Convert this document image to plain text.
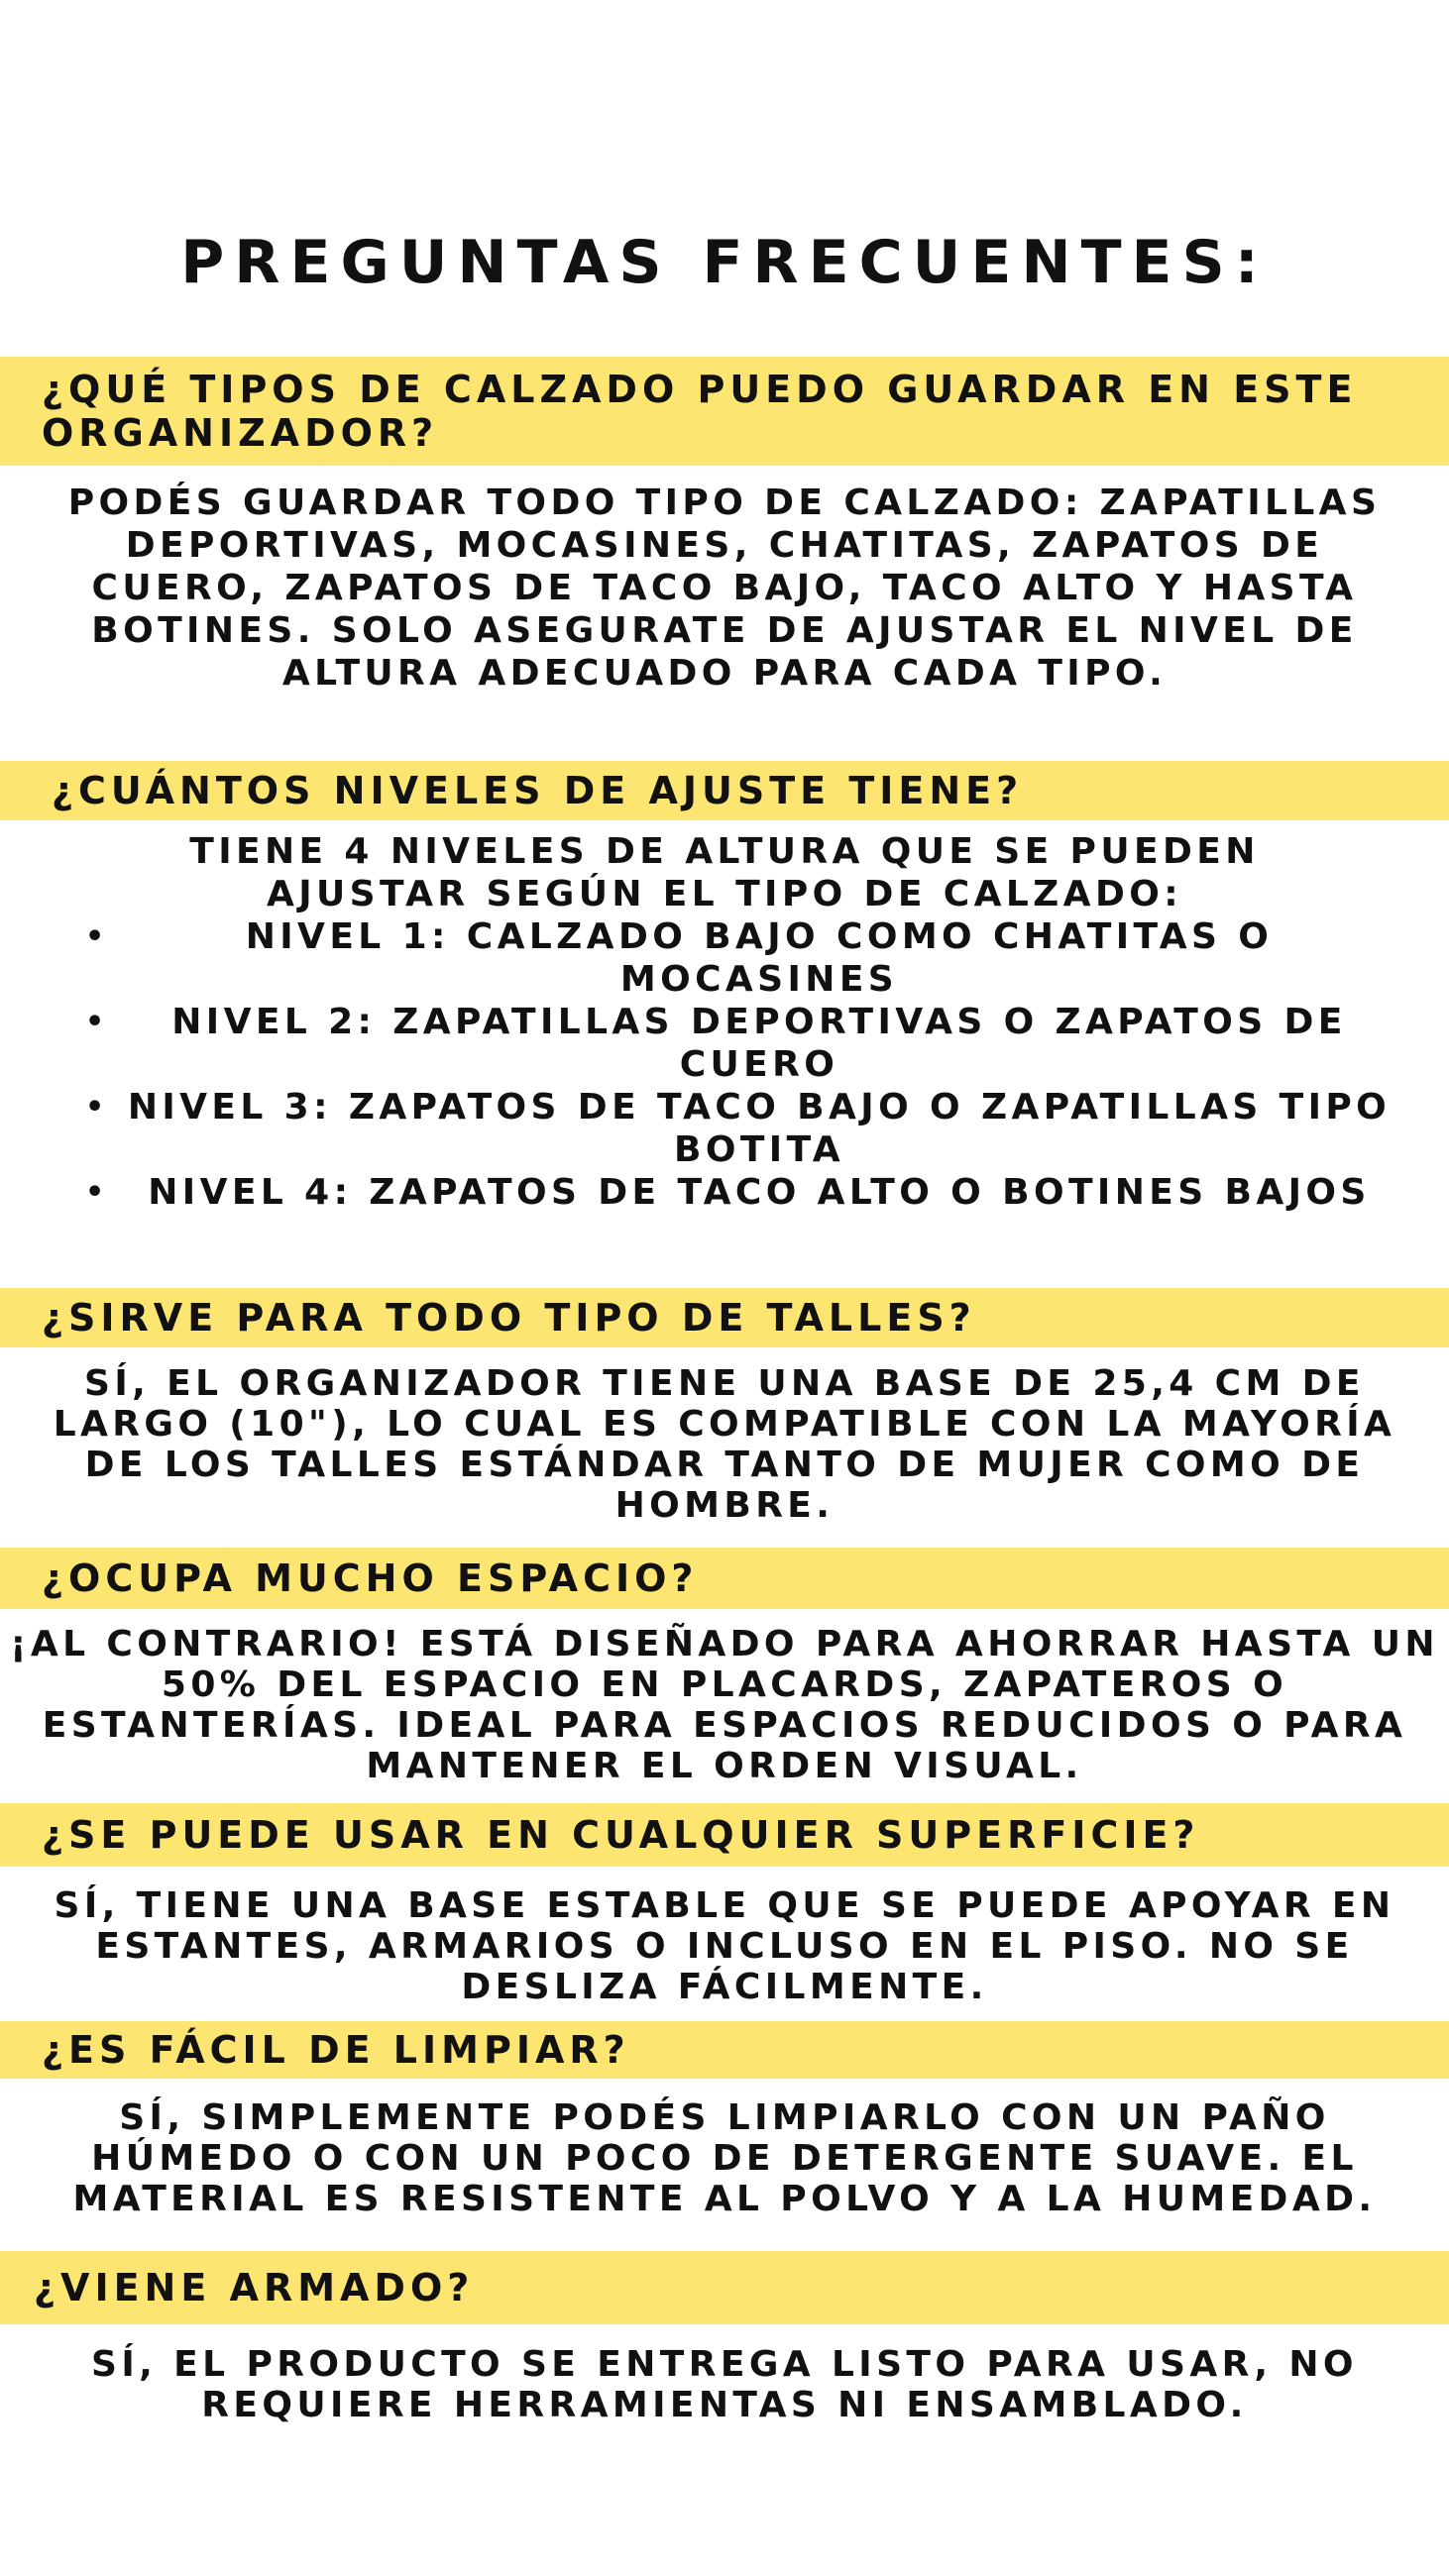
PREGUNTAS FRECUENTES:

¿QUÉ TIPOS DE CALZADO PUEDO GUARDAR EN ESTE ORGANIZADOR?

PODÉS GUARDAR TODO TIPO DE CALZADO: ZAPATILLAS DEPORTIVAS, MOCASINES, CHATITAS, ZAPATOS DE CUERO, ZAPATOS DE TACO BAJO, TACO ALTO Y HASTA BOTINES. SOLO ASEGURATE DE AJUSTAR EL NIVEL DE ALTURA ADECUADO PARA CADA TIPO.

¿CUÁNTOS NIVELES DE AJUSTE TIENE?

TIENE 4 NIVELES DE ALTURA QUE SE PUEDEN AJUSTAR SEGÚN EL TIPO DE CALZADO:

•	NIVEL 1: CALZADO BAJO COMO CHATITAS O MOCASINES
• NIVEL 2: ZAPATILLAS DEPORTIVAS O ZAPATOS DE CUERO
• NIVEL 3: ZAPATOS DE TACO BAJO O ZAPATILLAS TIPO BOTITA
• NIVEL 4: ZAPATOS DE TACO ALTO O BOTINES BAJOS

¿SIRVE PARA TODO TIPO DE TALLES?

SÍ, EL ORGANIZADOR TIENE UNA BASE DE 25,4 CM DE LARGO (10"), LO CUAL ES COMPATIBLE CON LA MAYORÍA DE LOS TALLES ESTÁNDAR TANTO DE MUJER COMO DE HOMBRE.

¿OCUPA MUCHO ESPACIO?

¡AL CONTRARIO! ESTÁ DISEÑADO PARA AHORRAR HASTA UN 50% DEL ESPACIO EN PLACARDS, ZAPATEROS O ESTANTERÍAS. IDEAL PARA ESPACIOS REDUCIDOS O PARA MANTENER EL ORDEN VISUAL.

¿SE PUEDE USAR EN CUALQUIER SUPERFICIE?

SÍ, TIENE UNA BASE ESTABLE QUE SE PUEDE APOYAR EN ESTANTES, ARMARIOS O INCLUSO EN EL PISO. NO SE DESLIZA FÁCILMENTE.

¿ES FÁCIL DE LIMPIAR?

SÍ, SIMPLEMENTE PODÉS LIMPIARLO CON UN PAÑO HÚMEDO O CON UN POCO DE DETERGENTE SUAVE. EL MATERIAL ES RESISTENTE AL POLVO Y A LA HUMEDAD.

¿VIENE ARMADO?

SÍ, EL PRODUCTO SE ENTREGA LISTO PARA USAR, NO REQUIERE HERRAMIENTAS NI ENSAMBLADO.
